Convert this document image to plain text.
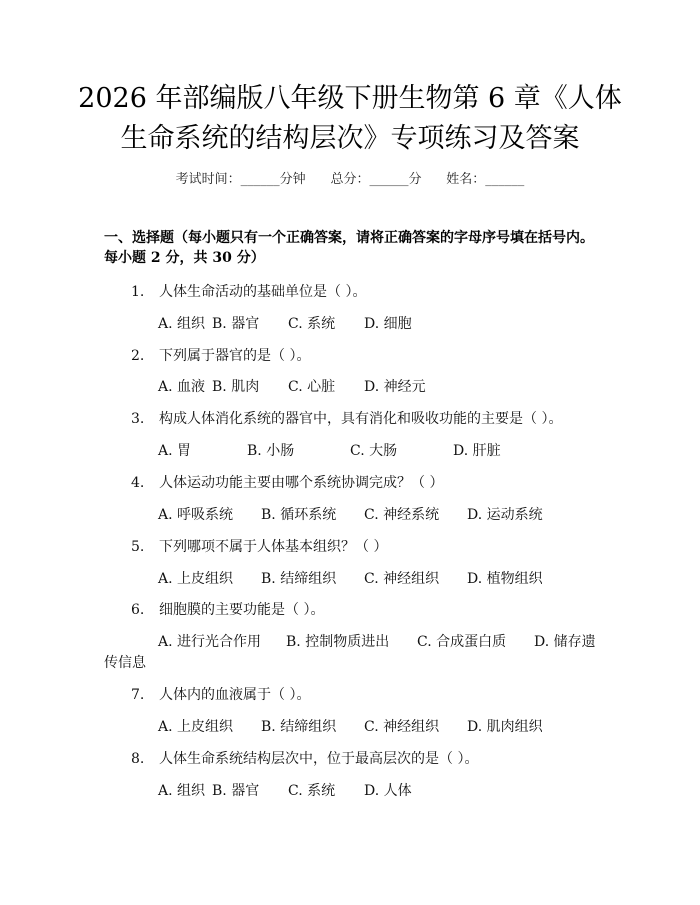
2026 年部编版八年级下册生物第 6 章《人体
生命系统的结构层次》专项练习及答案
考试时间：______分钟 总分：______分 姓名：______
一、选择题（每小题只有一个正确答案，请将正确答案的字母序号填在括号内。每小题 2 分，共 30 分）
1. 人体生命活动的基础单位是（ ）。
A. 组织 B. 器官 C. 系统 D. 细胞
2. 下列属于器官的是（ ）。
A. 血液 B. 肌肉 C. 心脏 D. 神经元
3. 构成人体消化系统的器官中，具有消化和吸收功能的主要是（ ）。
A. 胃	B. 小肠	C. 大肠	D. 肝脏
4. 人体运动功能主要由哪个系统协调完成？（ ）
A. 呼吸系统 B. 循环系统 C. 神经系统 D. 运动系统
5. 下列哪项不属于人体基本组织？（ ）
A. 上皮组织 B. 结缔组织 C. 神经组织 D. 植物组织
6. 细胞膜的主要功能是（ ）。
A. 进行光合作用 B. 控制物质进出 C. 合成蛋白质 D. 储存遗
传信息
7. 人体内的血液属于（ ）。
A. 上皮组织 B. 结缔组织 C. 神经组织 D. 肌肉组织
8. 人体生命系统结构层次中，位于最高层次的是（ ）。
A. 组织 B. 器官 C. 系统 D. 人体
